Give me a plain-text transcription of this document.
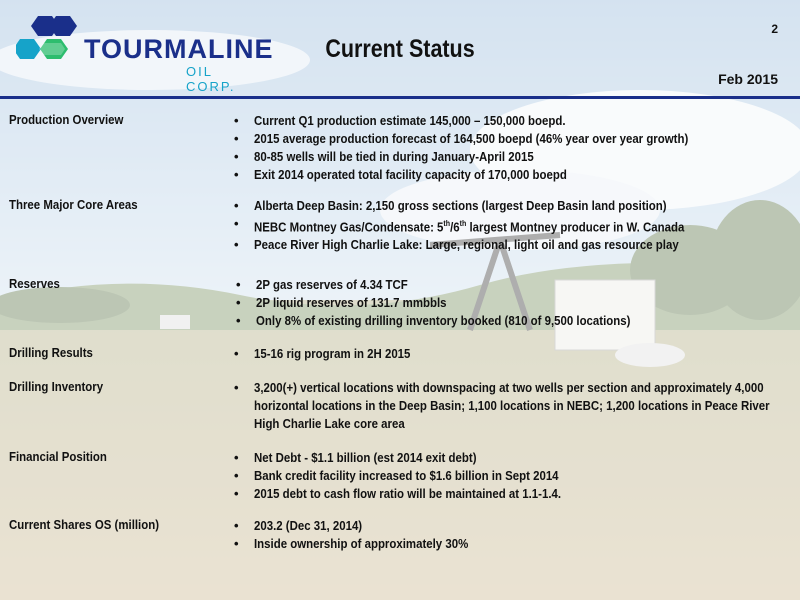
TOURMALINE
OIL CORP.
Current Status
2
Feb 2015
Production Overview	• Current Q1 production estimate 145,000 – 150,000 boepd.
• 2015 average production forecast of 164,500 boepd (46% year over year growth)
• 80-85 wells will be tied in during January-April 2015
• Exit 2014 operated total facility capacity of 170,000 boepd
Three Major Core Areas	• Alberta Deep Basin: 2,150 gross sections (largest Deep Basin land position)
• NEBC Montney Gas/Condensate: 5th/6th largest Montney producer in W. Canada
• Peace River High Charlie Lake: Large, regional, light oil and gas resource play
Reserves	• 2P gas reserves of 4.34 TCF
• 2P liquid reserves of 131.7 mmbbls
• Only 8% of existing drilling inventory booked (810 of 9,500 locations)
Drilling Results	• 15-16 rig program in 2H 2015
Drilling Inventory	• 3,200(+) vertical locations with downspacing at two wells per section and approximately 4,000 horizontal locations in the Deep Basin; 1,100 locations in NEBC; 1,200 locations in Peace River High Charlie Lake core area
Financial Position	• Net Debt - $1.1 billion (est 2014 exit debt)
• Bank credit facility increased to $1.6 billion in Sept 2014
• 2015 debt to cash flow ratio will be maintained at 1.1-1.4.
Current Shares OS (million)	• 203.2 (Dec 31, 2014)
• Inside ownership of approximately 30%
